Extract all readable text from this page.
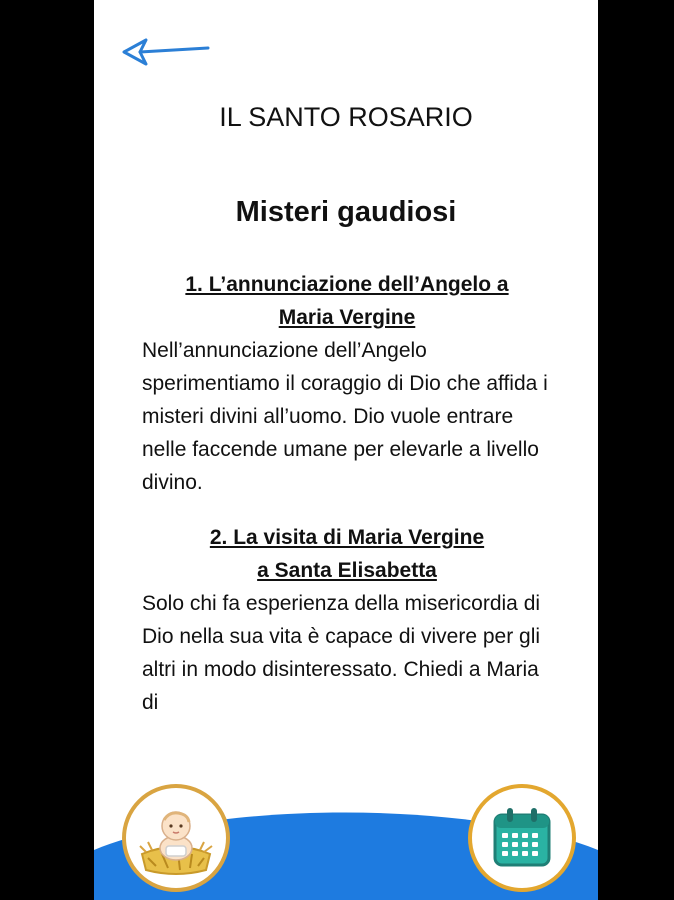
IL SANTO ROSARIO
Misteri gaudiosi

1. L’annunciazione dell’Angelo a
Maria Vergine

Nell’annunciazione dell’Angelo sperimentiamo il coraggio di Dio che affida i misteri divini all’uomo. Dio vuole entrare nelle faccende umane per elevarle a livello divino.

2. La visita di Maria Vergine
a Santa Elisabetta

Solo chi fa esperienza della misericordia di Dio nella sua vita è capace di vivere per gli altri in modo disinteressato. Chiedi a Maria di
